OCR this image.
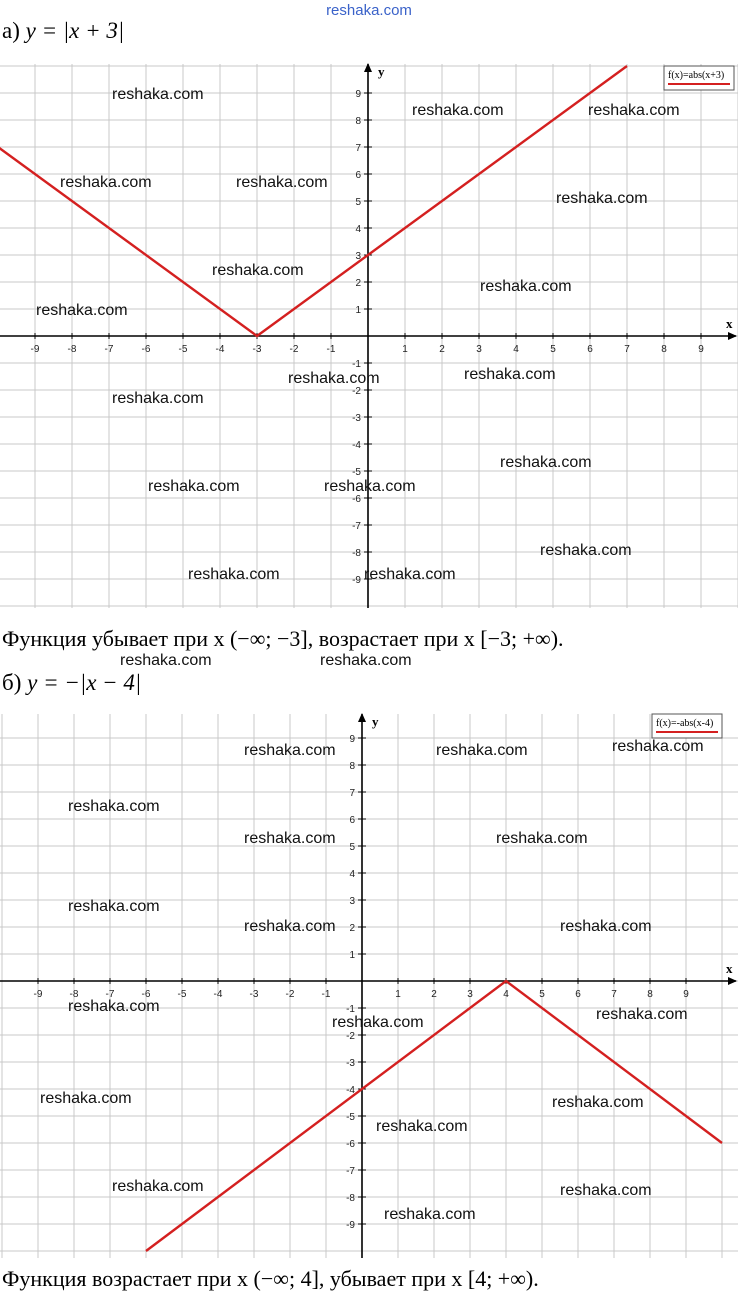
reshaka.com
а) y = |x + 3|
x
y
-9	-8	-7	-6	-5	-4	-3	-2	-1	1	2	3	4	5	6	7	8	9
-9
-8
-7
-6
-5
-4
-3
-2
-1
1
2
3
4
5
6
7
8
9
f(x)=abs(x+3)
reshaka.com
reshaka.com	reshaka.com
reshaka.com	reshaka.com
reshaka.com
reshaka.com
reshaka.com
reshaka.com
reshaka.com	reshaka.com
reshaka.com
reshaka.com
reshaka.com	reshaka.com
reshaka.com
reshaka.com	reshaka.com
Функция убывает при x (−∞; −3], возрастает при x [−3; +∞).
reshaka.com	reshaka.com
б) y = −|x − 4|
x
y
-9	-8	-7	-6	-5	-4	-3	-2	-1	1	2	3	4	5	6	7	8	9
-9
-8
-7
-6
-5
-4
-3
-2
-1
1
2
3
4
5
6
7
8
9
f(x)=-abs(x-4)
reshaka.com	reshaka.com	reshaka.com
reshaka.com
reshaka.com	reshaka.com
reshaka.com
reshaka.com	reshaka.com
reshaka.com
reshaka.com	reshaka.com
reshaka.com	reshaka.com
reshaka.com
reshaka.com	reshaka.com
reshaka.com
Функция возрастает при x (−∞; 4], убывает при x [4; +∞).
